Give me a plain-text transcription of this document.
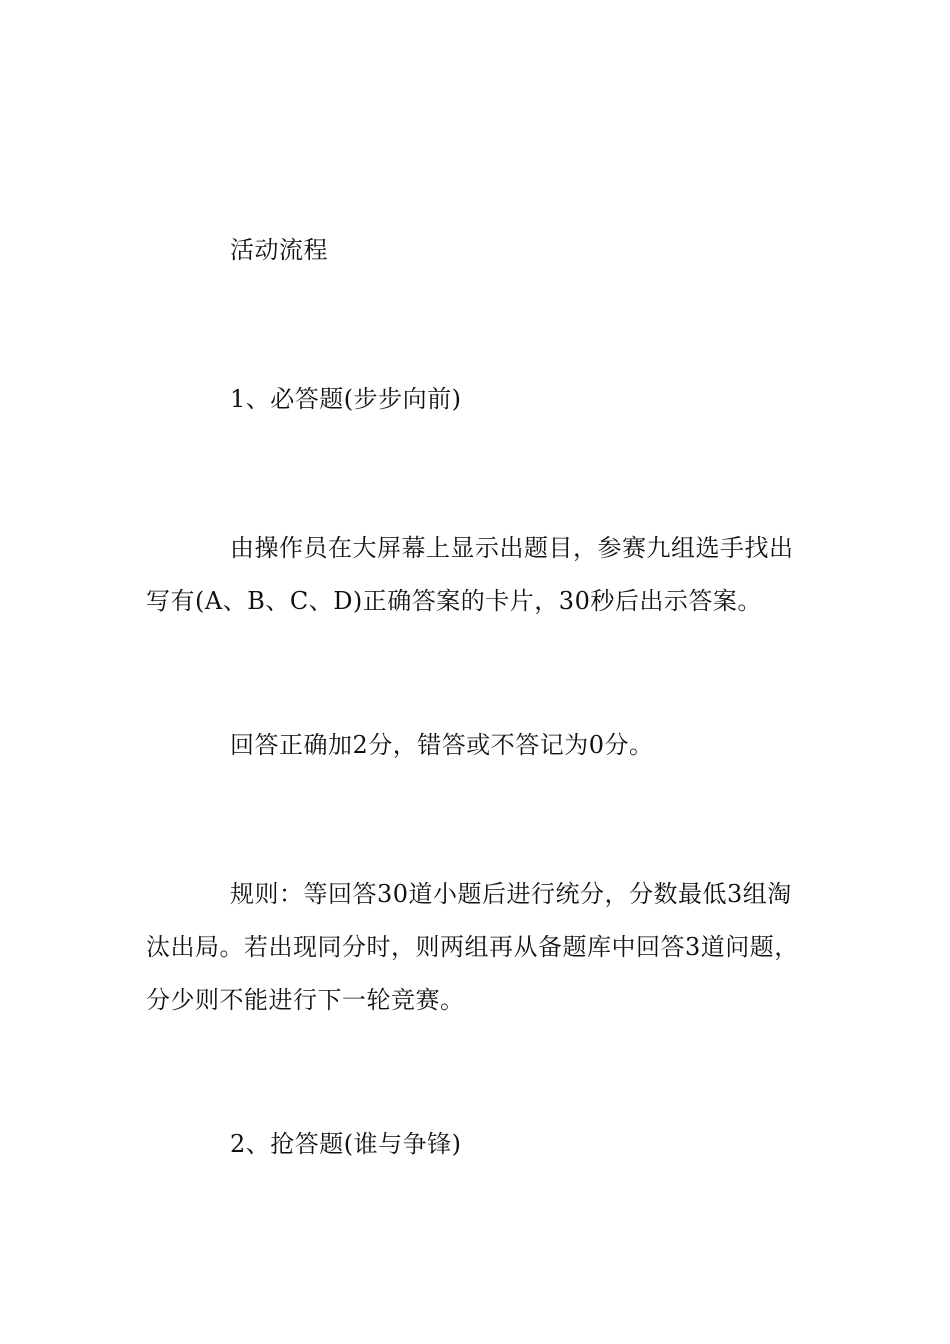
活动流程

1、必答题(步步向前)

由操作员在大屏幕上显示出题目，参赛九组选手找出写有(A、B、C、D)正确答案的卡片，30秒后出示答案。

回答正确加2分，错答或不答记为0分。

规则：等回答30道小题后进行统分，分数最低3组淘汰出局。若出现同分时，则两组再从备题库中回答3道问题，分少则不能进行下一轮竞赛。

2、抢答题(谁与争锋)
